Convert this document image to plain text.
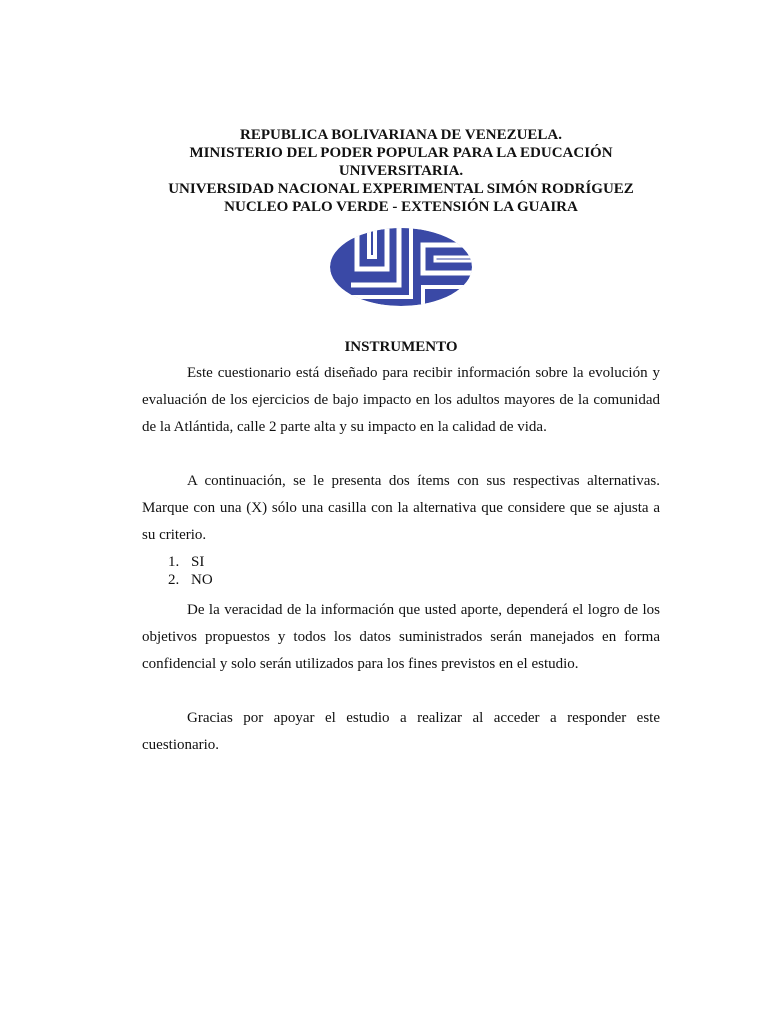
REPUBLICA BOLIVARIANA DE VENEZUELA.
MINISTERIO DEL PODER POPULAR PARA LA EDUCACIÓN
UNIVERSITARIA.
UNIVERSIDAD NACIONAL EXPERIMENTAL SIMÓN RODRÍGUEZ
NUCLEO PALO VERDE - EXTENSIÓN LA GUAIRA
INSTRUMENTO

Este cuestionario está diseñado para recibir información sobre la evolución y evaluación de los ejercicios de bajo impacto en los adultos mayores de la comunidad de la Atlántida, calle 2 parte alta y su impacto en la calidad de vida.

A continuación, se le presenta dos ítems con sus respectivas alternativas. Marque con una (X) sólo una casilla con la alternativa que considere que se ajusta a su criterio.

1. SI
2. NO

De la veracidad de la información que usted aporte, dependerá el logro de los objetivos propuestos y todos los datos suministrados serán manejados en forma confidencial y solo serán utilizados para los fines previstos en el estudio.

Gracias por apoyar el estudio a realizar al acceder a responder este cuestionario.
